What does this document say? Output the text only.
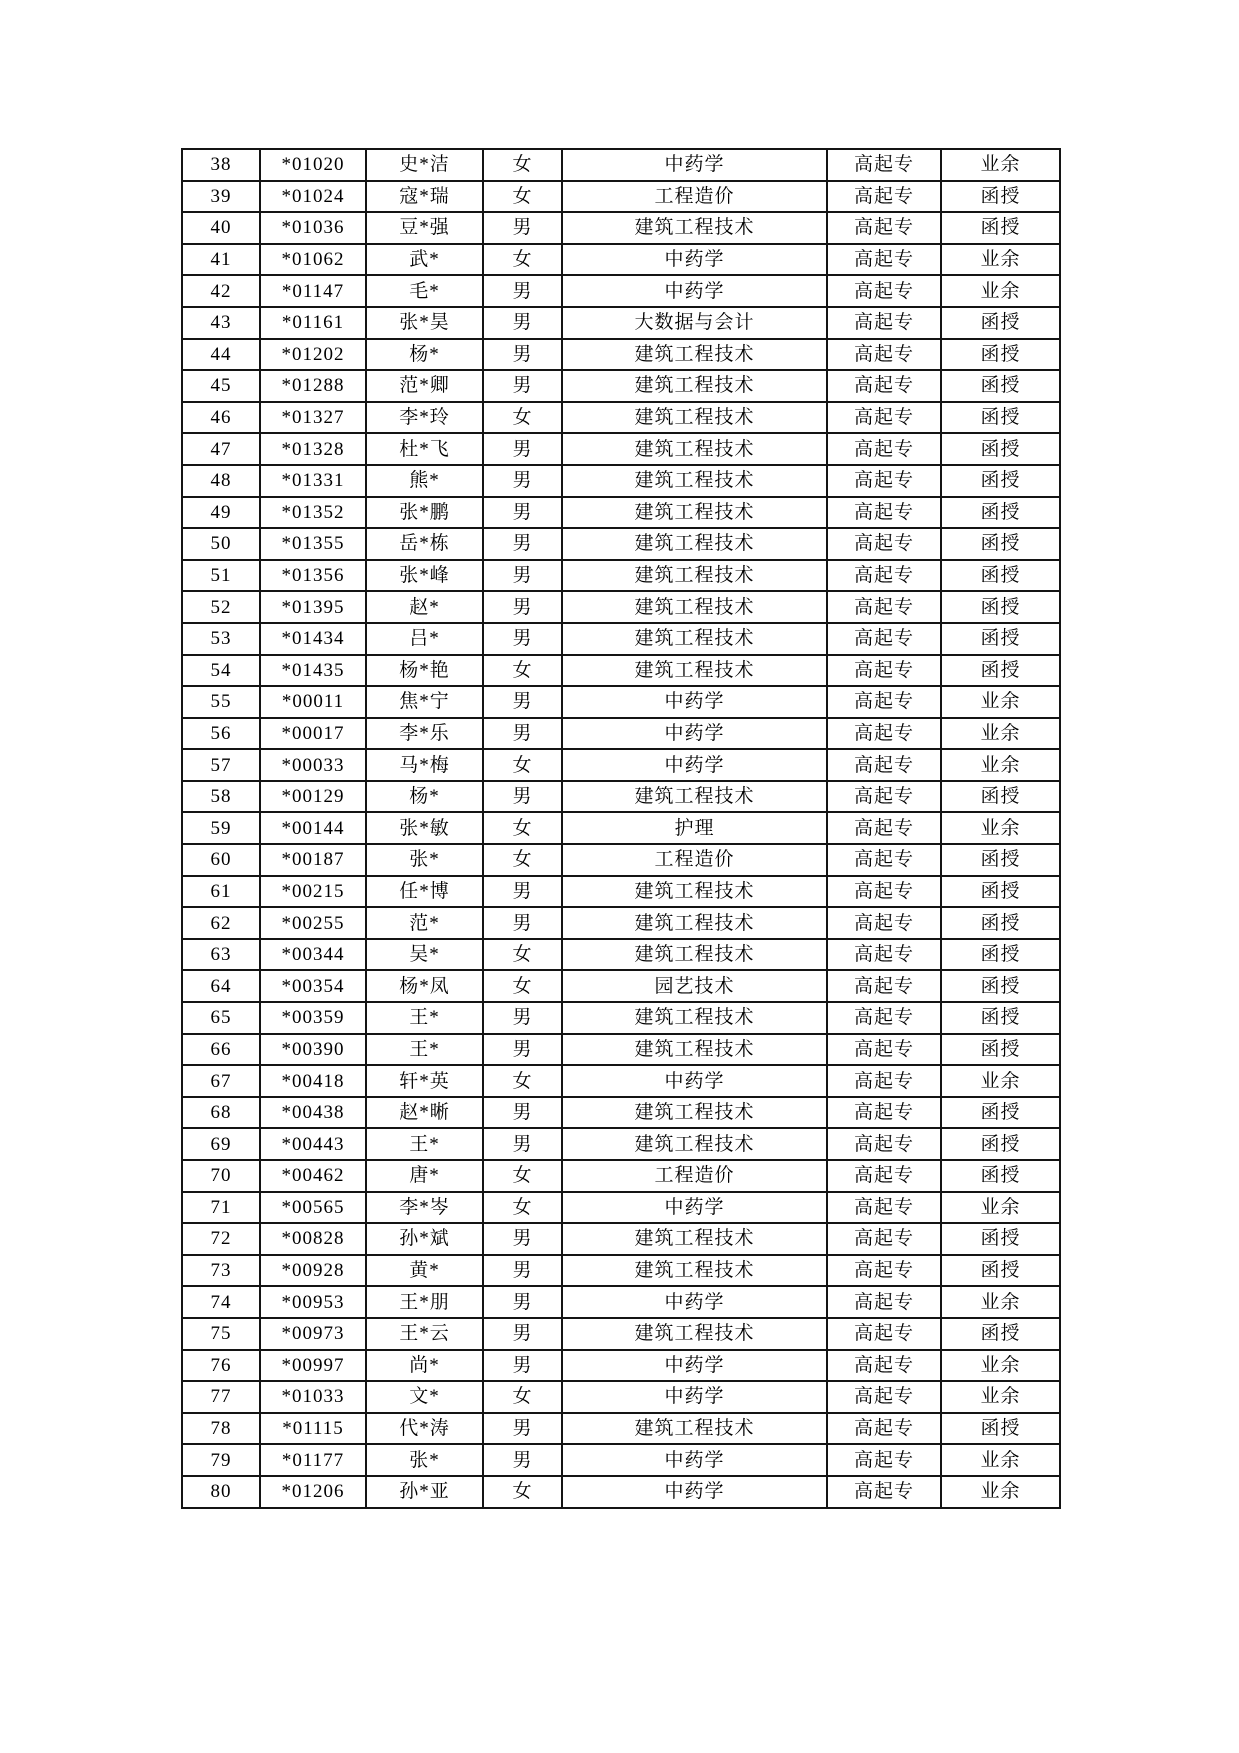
38	*01020	史*洁	女	中药学	高起专	业余
39	*01024	寇*瑞	女	工程造价	高起专	函授
40	*01036	豆*强	男	建筑工程技术	高起专	函授
41	*01062	武*	女	中药学	高起专	业余
42	*01147	毛*	男	中药学	高起专	业余
43	*01161	张*昊	男	大数据与会计	高起专	函授
44	*01202	杨*	男	建筑工程技术	高起专	函授
45	*01288	范*卿	男	建筑工程技术	高起专	函授
46	*01327	李*玲	女	建筑工程技术	高起专	函授
47	*01328	杜*飞	男	建筑工程技术	高起专	函授
48	*01331	熊*	男	建筑工程技术	高起专	函授
49	*01352	张*鹏	男	建筑工程技术	高起专	函授
50	*01355	岳*栋	男	建筑工程技术	高起专	函授
51	*01356	张*峰	男	建筑工程技术	高起专	函授
52	*01395	赵*	男	建筑工程技术	高起专	函授
53	*01434	吕*	男	建筑工程技术	高起专	函授
54	*01435	杨*艳	女	建筑工程技术	高起专	函授
55	*00011	焦*宁	男	中药学	高起专	业余
56	*00017	李*乐	男	中药学	高起专	业余
57	*00033	马*梅	女	中药学	高起专	业余
58	*00129	杨*	男	建筑工程技术	高起专	函授
59	*00144	张*敏	女	护理	高起专	业余
60	*00187	张*	女	工程造价	高起专	函授
61	*00215	任*博	男	建筑工程技术	高起专	函授
62	*00255	范*	男	建筑工程技术	高起专	函授
63	*00344	吴*	女	建筑工程技术	高起专	函授
64	*00354	杨*凤	女	园艺技术	高起专	函授
65	*00359	王*	男	建筑工程技术	高起专	函授
66	*00390	王*	男	建筑工程技术	高起专	函授
67	*00418	轩*英	女	中药学	高起专	业余
68	*00438	赵*晰	男	建筑工程技术	高起专	函授
69	*00443	王*	男	建筑工程技术	高起专	函授
70	*00462	唐*	女	工程造价	高起专	函授
71	*00565	李*岑	女	中药学	高起专	业余
72	*00828	孙*斌	男	建筑工程技术	高起专	函授
73	*00928	黄*	男	建筑工程技术	高起专	函授
74	*00953	王*朋	男	中药学	高起专	业余
75	*00973	王*云	男	建筑工程技术	高起专	函授
76	*00997	尚*	男	中药学	高起专	业余
77	*01033	文*	女	中药学	高起专	业余
78	*01115	代*涛	男	建筑工程技术	高起专	函授
79	*01177	张*	男	中药学	高起专	业余
80	*01206	孙*亚	女	中药学	高起专	业余
